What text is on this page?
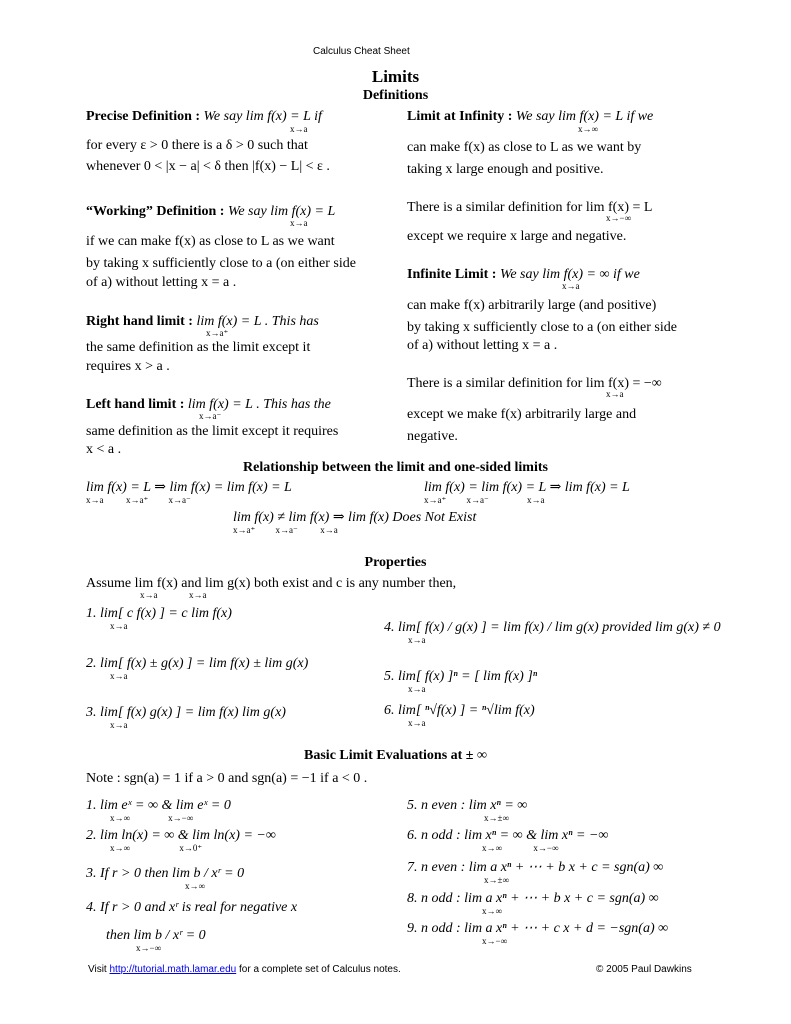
Calculus Cheat Sheet
Limits
Definitions
Precise Definition : We say lim f(x) = L if
x→a
for every ε > 0 there is a δ > 0 such that
whenever 0 < |x − a| < δ then |f(x) − L| < ε .
“Working” Definition : We say lim f(x) = L
x→a
if we can make f(x) as close to L as we want
by taking x sufficiently close to a (on either side
of a) without letting x = a .
Right hand limit : lim f(x) = L . This has
x→a⁺
the same definition as the limit except it
requires x > a .
Left hand limit : lim f(x) = L . This has the
x→a⁻
same definition as the limit except it requires
x < a .
Limit at Infinity : We say lim f(x) = L if we
x→∞
can make f(x) as close to L as we want by
taking x large enough and positive.
There is a similar definition for lim f(x) = L
x→−∞
except we require x large and negative.
Infinite Limit : We say lim f(x) = ∞ if we
x→a
can make f(x) arbitrarily large (and positive)
by taking x sufficiently close to a (on either side
of a) without letting x = a .
There is a similar definition for lim f(x) = −∞
x→a
except we make f(x) arbitrarily large and
negative.
Relationship between the limit and one-sided limits
lim f(x) = L ⇒ lim f(x) = lim f(x) = L
x→a          x→a⁺         x→a⁻
lim f(x) = lim f(x) = L ⇒ lim f(x) = L
x→a⁺         x→a⁻                 x→a
lim f(x) ≠ lim f(x) ⇒ lim f(x) Does Not Exist
x→a⁺         x→a⁻          x→a
Properties
Assume lim f(x) and lim g(x) both exist and c is any number then,
x→a              x→a
1. lim[ c f(x) ] = c lim f(x)
x→a
2. lim[ f(x) ± g(x) ] = lim f(x) ± lim g(x)
x→a
3. lim[ f(x) g(x) ] = lim f(x) lim g(x)
x→a
4. lim[ f(x) / g(x) ] = lim f(x) / lim g(x) provided lim g(x) ≠ 0
x→a
5. lim[ f(x) ]ⁿ = [ lim f(x) ]ⁿ
x→a
6. lim[ ⁿ√f(x) ] = ⁿ√lim f(x)
x→a
Basic Limit Evaluations at ± ∞
Note : sgn(a) = 1 if a > 0 and sgn(a) = −1 if a < 0 .
1. lim eˣ = ∞ & lim eˣ = 0
x→∞                 x→−∞
2. lim ln(x) = ∞ & lim ln(x) = −∞
x→∞                      x→0⁺
3. If r > 0 then lim b / xʳ = 0
x→∞
4. If r > 0 and xʳ is real for negative x
then lim b / xʳ = 0
x→−∞
5. n even : lim xⁿ = ∞
x→±∞
6. n odd : lim xⁿ = ∞ & lim xⁿ = −∞
x→∞              x→−∞
7. n even : lim a xⁿ + ⋯ + b x + c = sgn(a) ∞
x→±∞
8. n odd : lim a xⁿ + ⋯ + b x + c = sgn(a) ∞
x→∞
9. n odd : lim a xⁿ + ⋯ + c x + d = −sgn(a) ∞
x→−∞
Visit http://tutorial.math.lamar.edu for a complete set of Calculus notes.	© 2005 Paul Dawkins
